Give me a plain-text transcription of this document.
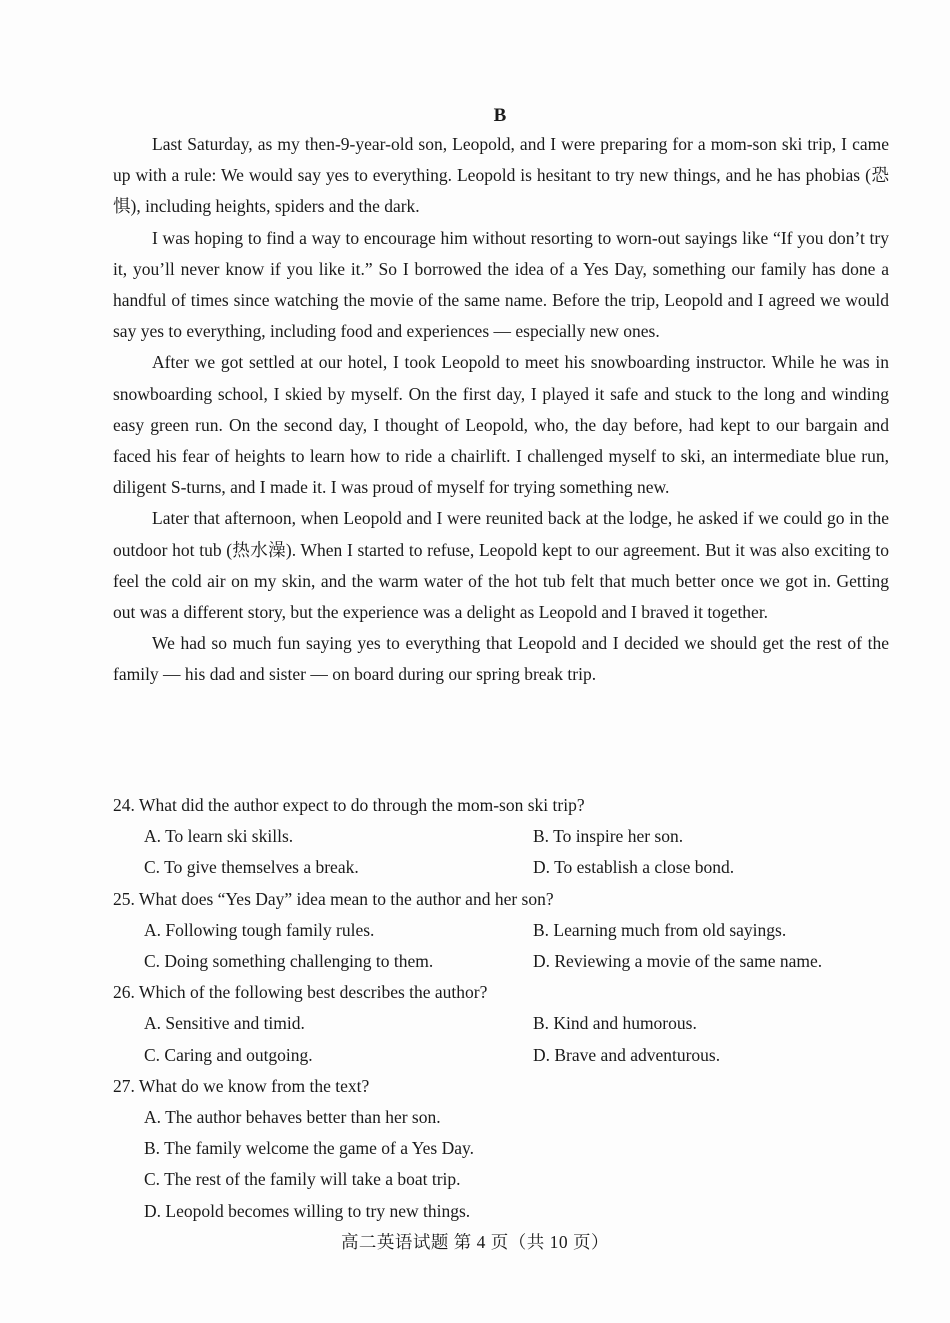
B

Last Saturday, as my then-9-year-old son, Leopold, and I were preparing for a mom-son ski trip, I came up with a rule: We would say yes to everything. Leopold is hesitant to try new things, and he has phobias (恐惧), including heights, spiders and the dark.

I was hoping to find a way to encourage him without resorting to worn-out sayings like “If you don’t try it, you’ll never know if you like it.” So I borrowed the idea of a Yes Day, something our family has done a handful of times since watching the movie of the same name. Before the trip, Leopold and I agreed we would say yes to everything, including food and experiences — especially new ones.

After we got settled at our hotel, I took Leopold to meet his snowboarding instructor. While he was in snowboarding school, I skied by myself. On the first day, I played it safe and stuck to the long and winding easy green run. On the second day, I thought of Leopold, who, the day before, had kept to our bargain and faced his fear of heights to learn how to ride a chairlift. I challenged myself to ski, an intermediate blue run, diligent S-turns, and I made it. I was proud of myself for trying something new.

Later that afternoon, when Leopold and I were reunited back at the lodge, he asked if we could go in the outdoor hot tub (热水澡). When I started to refuse, Leopold kept to our agreement. But it was also exciting to feel the cold air on my skin, and the warm water of the hot tub felt that much better once we got in. Getting out was a different story, but the experience was a delight as Leopold and I braved it together.

We had so much fun saying yes to everything that Leopold and I decided we should get the rest of the family — his dad and sister — on board during our spring break trip.

24. What did the author expect to do through the mom-son ski trip?

A. To learn ski skills.	B. To inspire her son.
C. To give themselves a break.	D. To establish a close bond.

25. What does “Yes Day” idea mean to the author and her son?

A. Following tough family rules.	B. Learning much from old sayings.
C. Doing something challenging to them.	D. Reviewing a movie of the same name.

26. Which of the following best describes the author?

A. Sensitive and timid.	B. Kind and humorous.
C. Caring and outgoing.	D. Brave and adventurous.

27. What do we know from the text?

A. The author behaves better than her son.

B. The family welcome the game of a Yes Day.

C. The rest of the family will take a boat trip.

D. Leopold becomes willing to try new things.

高二英语试题 第 4 页（共 10 页）
